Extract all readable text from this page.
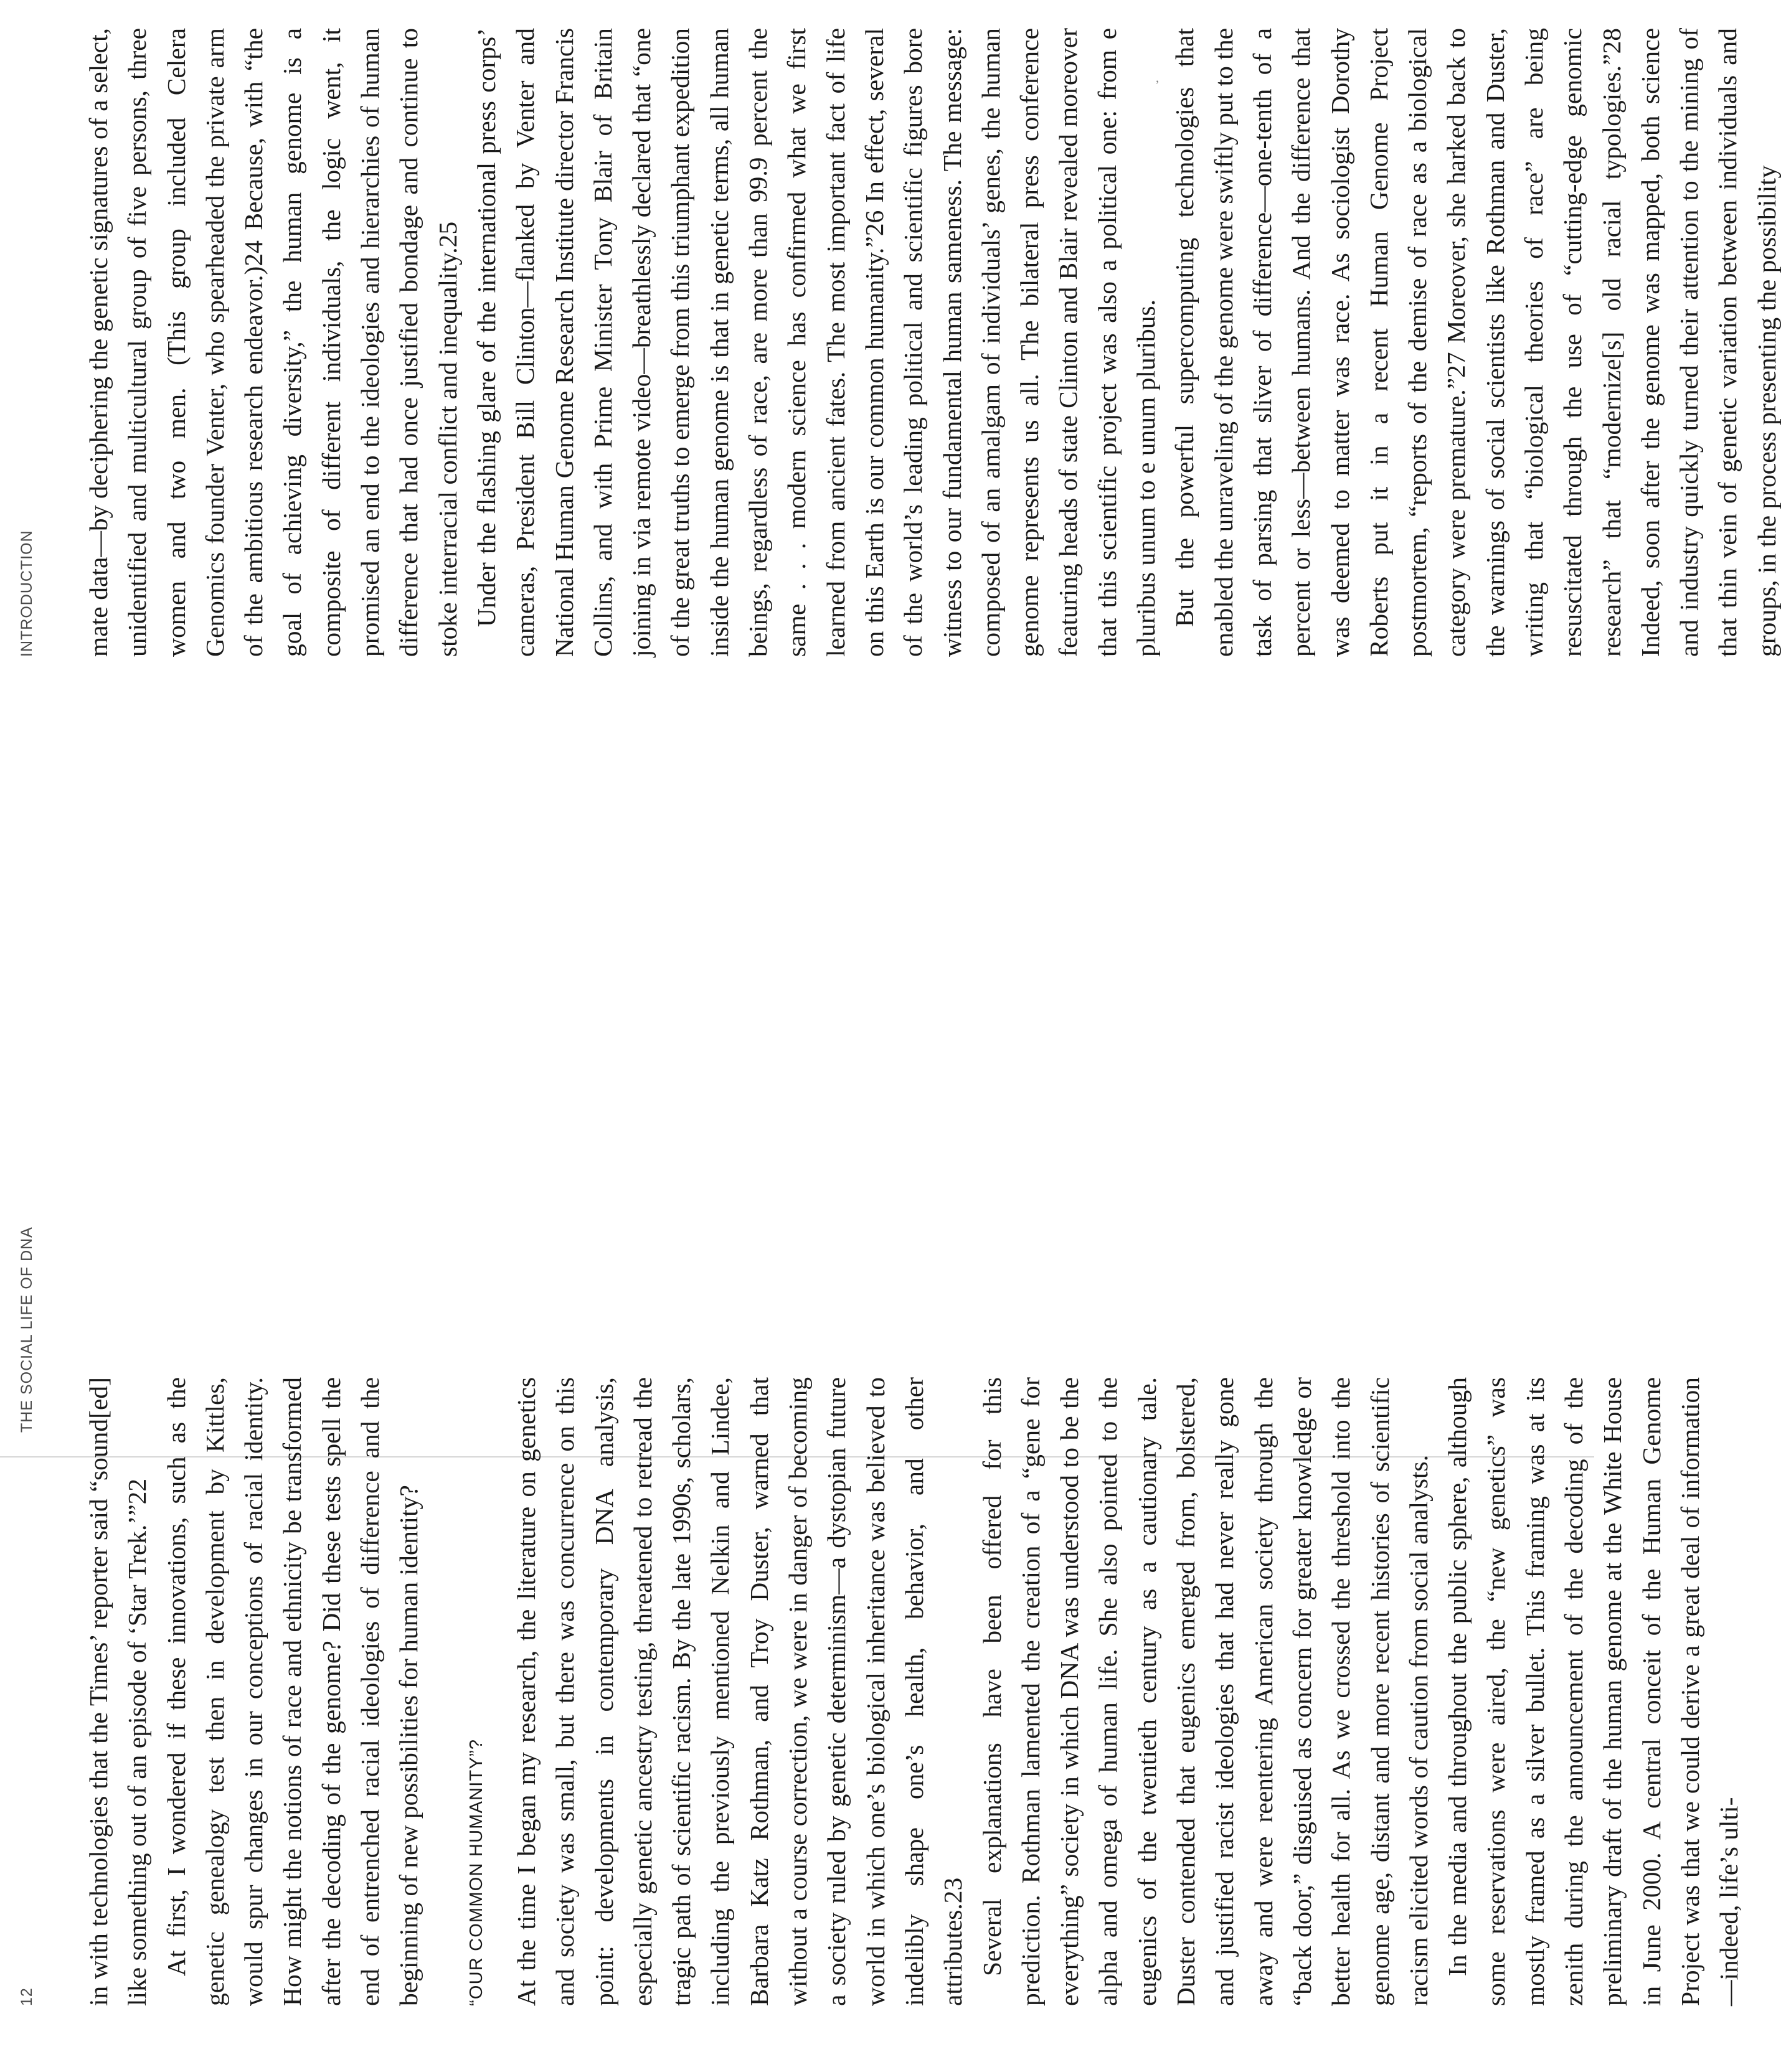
ʼ
12
THE SOCIAL LIFE OF DNA

in with technologies that the Times’ reporter said “sound[ed] like something out of an episode of ‘Star Trek.’”22 At first, I wondered if these innovations, such as the genetic genealogy test then in development by Kittles, would spur changes in our conceptions of racial identity. How might the notions of race and ethnicity be transformed after the decoding of the genome? Did these tests spell the end of entrenched racial ideologies of difference and the beginning of new possibilities for human identity?	“OUR COMMON HUMANITY”? At the time I began my research, the literature on genetics and society was small, but there was concurrence on this point: developments in contemporary DNA analysis, especially genetic ancestry testing, threatened to retread the tragic path of scientific racism. By the late 1990s, scholars, including the previously mentioned Nelkin and Lindee, Barbara Katz Rothman, and Troy Duster, warned that without a course correction, we were in danger of becoming a society ruled by genetic determinism—a dystopian future world in which one’s biological inheritance was believed to indelibly shape one’s health, behavior, and other attributes.23 Several explanations have been offered for this prediction. Rothman lamented the creation of a “gene for everything” society in which DNA was understood to be the alpha and omega of human life. She also pointed to the eugenics of the twentieth century as a cautionary tale. Duster contended that eugenics emerged from, bolstered, and justified racist ideologies that had never really gone away and were reentering American society through the “back door,” disguised as concern for greater knowledge or better health for all. As we crossed the threshold into the genome age, distant and more recent histories of scientific racism elicited words of caution from social analysts. In the media and throughout the public sphere, although some reservations were aired, the “new genetics” was mostly framed as a silver bullet. This framing was at its zenith during the announcement of the decoding of the preliminary draft of the human genome at the White House in June 2000. A central conceit of the Human Genome Project was that we could derive a great deal of information—indeed, life’s ulti-

INTRODUCTION	mate data—by deciphering the genetic signatures of a select, unidentified and multicultural group of five persons, three women and two men. (This group included Celera Genomics founder Venter, who spearheaded the private arm of the ambitious research endeavor.)24 Because, with “the goal of achieving diversity,” the human genome is a composite of different individuals, the logic went, it promised an end to the ideologies and hierarchies of human difference that had once justified bondage and continue to stoke interracial conflict and inequality.25 Under the flashing glare of the international press corps’ cameras, President Bill Clinton—flanked by Venter and National Human Genome Research Institute director Francis Collins, and with Prime Minister Tony Blair of Britain joining in via remote video—breathlessly declared that “one of the great truths to emerge from this triumphant expedition inside the human genome is that in genetic terms, all human beings, regardless of race, are more than 99.9 percent the same . . . modern science has confirmed what we first learned from ancient fates. The most important fact of life on this Earth is our common humanity.”26 In effect, several of the world’s leading political and scientific figures bore witness to our fundamental human sameness. The message: composed of an amalgam of individuals’ genes, the human genome represents us all. The bilateral press conference featuring heads of state Clinton and Blair revealed moreover that this scientific project was also a political one: from e pluribus unum to e unum pluribus. But the powerful supercomputing technologies that enabled the unraveling of the genome were swiftly put to the task of parsing that sliver of difference—one-tenth of a percent or less—between humans. And the difference that was deemed to matter was race. As sociologist Dorothy Roberts put it in a recent Human Genome Project postmortem, “reports of the demise of race as a biological category were premature.”27 Moreover, she harked back to the warnings of social scientists like Rothman and Duster, writing that “biological theories of race” are being resuscitated through the use of “cutting-edge genomic research” that “modernize[s] old racial typologies.”28 Indeed, soon after the genome was mapped, both science and industry quickly turned their attention to the mining of that thin vein of genetic variation between individuals and groups, in the process presenting the possibility
